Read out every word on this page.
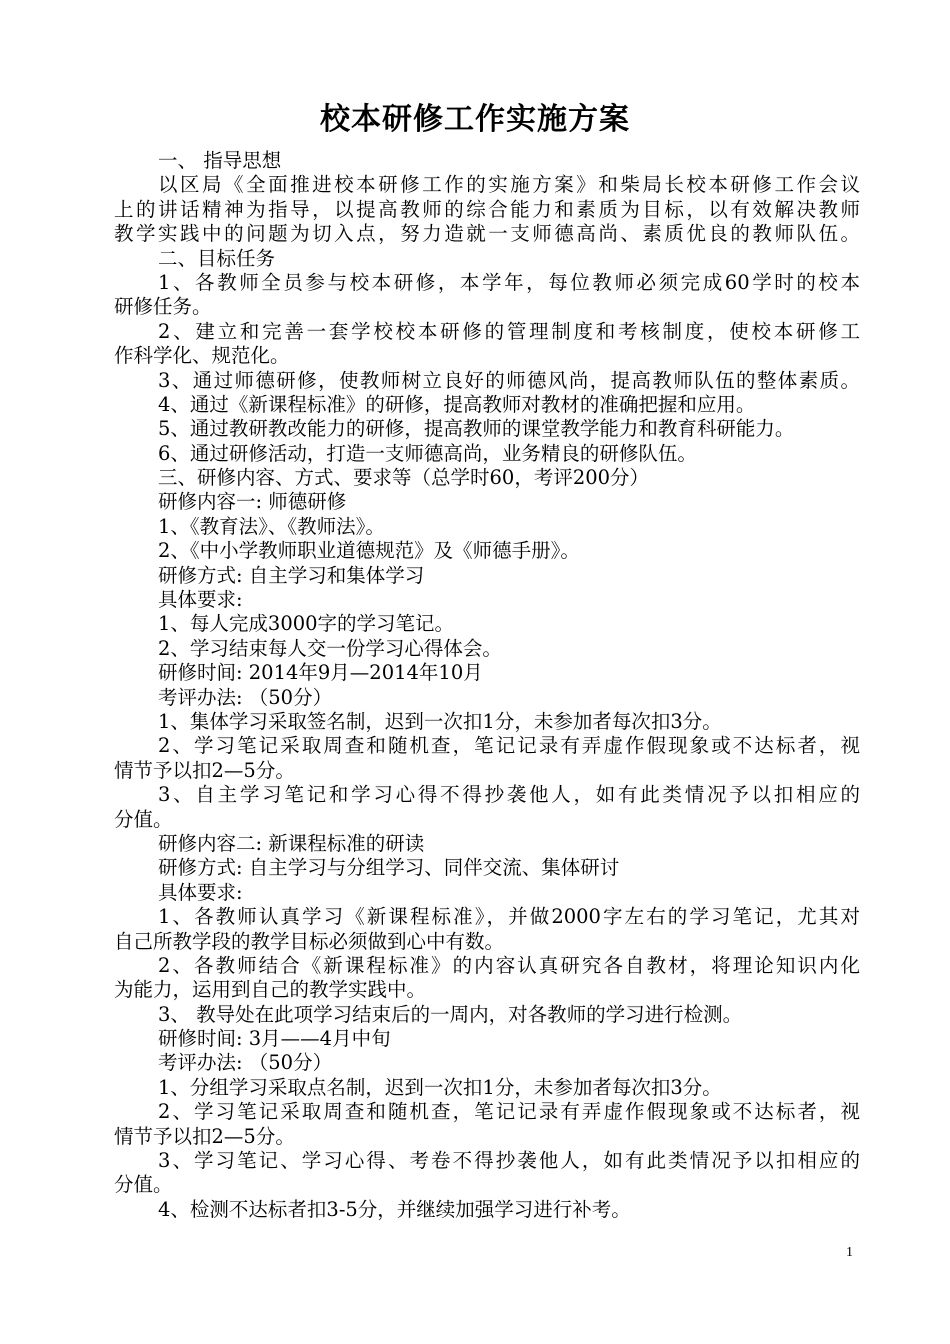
校本研修工作实施方案
一、 指导思想
以区局《全面推进校本研修工作的实施方案》和柴局长校本研修工作会议
上的讲话精神为指导，以提高教师的综合能力和素质为目标，以有效解决教师
教学实践中的问题为切入点，努力造就一支师德高尚、素质优良的教师队伍。
二、目标任务
1、各教师全员参与校本研修，本学年，每位教师必须完成60学时的校本
研修任务。
2、建立和完善一套学校校本研修的管理制度和考核制度，使校本研修工
作科学化、规范化。
3、通过师德研修，使教师树立良好的师德风尚，提高教师队伍的整体素质。
4、通过《新课程标准》的研修，提高教师对教材的准确把握和应用。
5、通过教研教改能力的研修，提高教师的课堂教学能力和教育科研能力。
6、通过研修活动，打造一支师德高尚，业务精良的研修队伍。
三、研修内容、方式、要求等（总学时60，考评200分）
研修内容一: 师德研修
1、《教育法》、《教师法》。
2、《中小学教师职业道德规范》及《师德手册》。
研修方式: 自主学习和集体学习
具体要求:
1、每人完成3000字的学习笔记。
2、学习结束每人交一份学习心得体会。
研修时间: 2014年9月—2014年10月
考评办法: （50分）
1、集体学习采取签名制，迟到一次扣1分，未参加者每次扣3分。
2、学习笔记采取周查和随机查，笔记记录有弄虚作假现象或不达标者，视
情节予以扣2—5分。
3、自主学习笔记和学习心得不得抄袭他人，如有此类情况予以扣相应的
分值。
研修内容二: 新课程标准的研读
研修方式: 自主学习与分组学习、同伴交流、集体研讨
具体要求:
1、各教师认真学习《新课程标准》，并做2000字左右的学习笔记，尤其对
自己所教学段的教学目标必须做到心中有数。
2、各教师结合《新课程标准》的内容认真研究各自教材，将理论知识内化
为能力，运用到自己的教学实践中。
3、 教导处在此项学习结束后的一周内，对各教师的学习进行检测。
研修时间: 3月——4月中旬
考评办法: （50分）
1、分组学习采取点名制，迟到一次扣1分，未参加者每次扣3分。
2、学习笔记采取周查和随机查，笔记记录有弄虚作假现象或不达标者，视
情节予以扣2—5分。
3、学习笔记、学习心得、考卷不得抄袭他人，如有此类情况予以扣相应的
分值。
4、检测不达标者扣3-5分，并继续加强学习进行补考。
1
